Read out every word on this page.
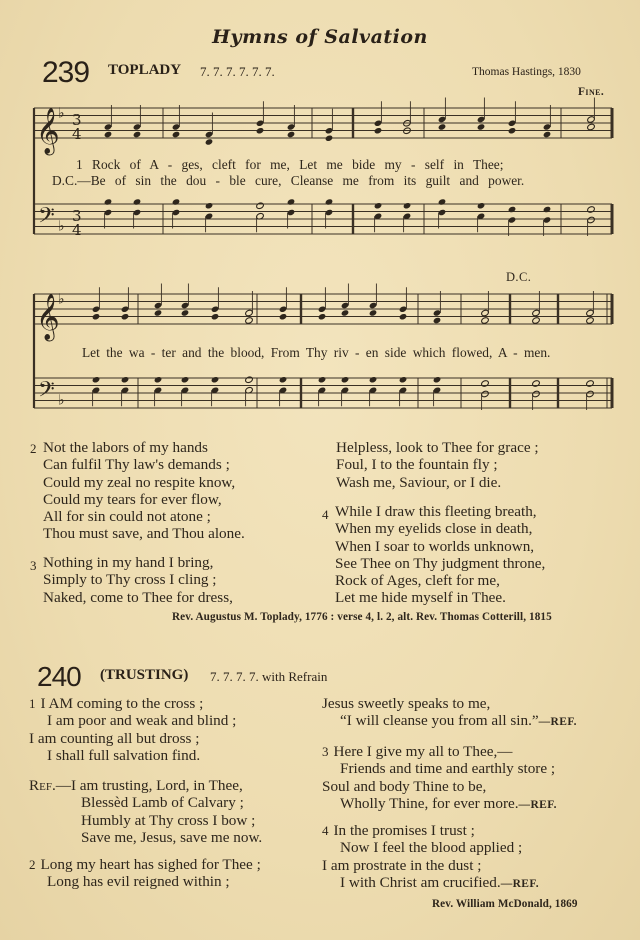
Hymns of Salvation
239 TOPLADY 7. 7. 7. 7. 7. 7.	Thomas Hastings, 1830
Fine.
D.C.
𝄞
𝄢
♭
♭
3
4
3
4
𝄞
𝄢
♭
♭
1 Rock of A - ges, cleft for me, Let me bide my - self in Thee;
D.C.—Be of sin the dou - ble cure, Cleanse me from its guilt and power.
Let the wa - ter and the blood, From Thy riv - en side which flowed, A - men.
2 Not the labors of my hands
Can fulfil Thy law's demands ;
Could my zeal no respite know,
Could my tears for ever flow,
All for sin could not atone ;
Thou must save, and Thou alone.
3 Nothing in my hand I bring,
Simply to Thy cross I cling ;
Naked, come to Thee for dress,
Helpless, look to Thee for grace ;
Foul, I to the fountain fly ;
Wash me, Saviour, or I die.
4 While I draw this fleeting breath,
When my eyelids close in death,
When I soar to worlds unknown,
See Thee on Thy judgment throne,
Rock of Ages, cleft for me,
Let me hide myself in Thee.
Rev. Augustus M. Toplady, 1776 : verse 4, l. 2, alt. Rev. Thomas Cotterill, 1815
240 (TRUSTING) 7. 7. 7. 7. with Refrain
1 I AM coming to the cross ;
I am poor and weak and blind ;
I am counting all but dross ;
I shall full salvation find.
Ref.—I am trusting, Lord, in Thee,
Blessèd Lamb of Calvary ;
Humbly at Thy cross I bow ;
Save me, Jesus, save me now.
2 Long my heart has sighed for Thee ;
Long has evil reigned within ;
Jesus sweetly speaks to me,
“I will cleanse you from all sin.”—REF.
3 Here I give my all to Thee,—
Friends and time and earthly store ;
Soul and body Thine to be,
Wholly Thine, for ever more.—REF.
4 In the promises I trust ;
Now I feel the blood applied ;
I am prostrate in the dust ;
I with Christ am crucified.—REF.
Rev. William McDonald, 1869
